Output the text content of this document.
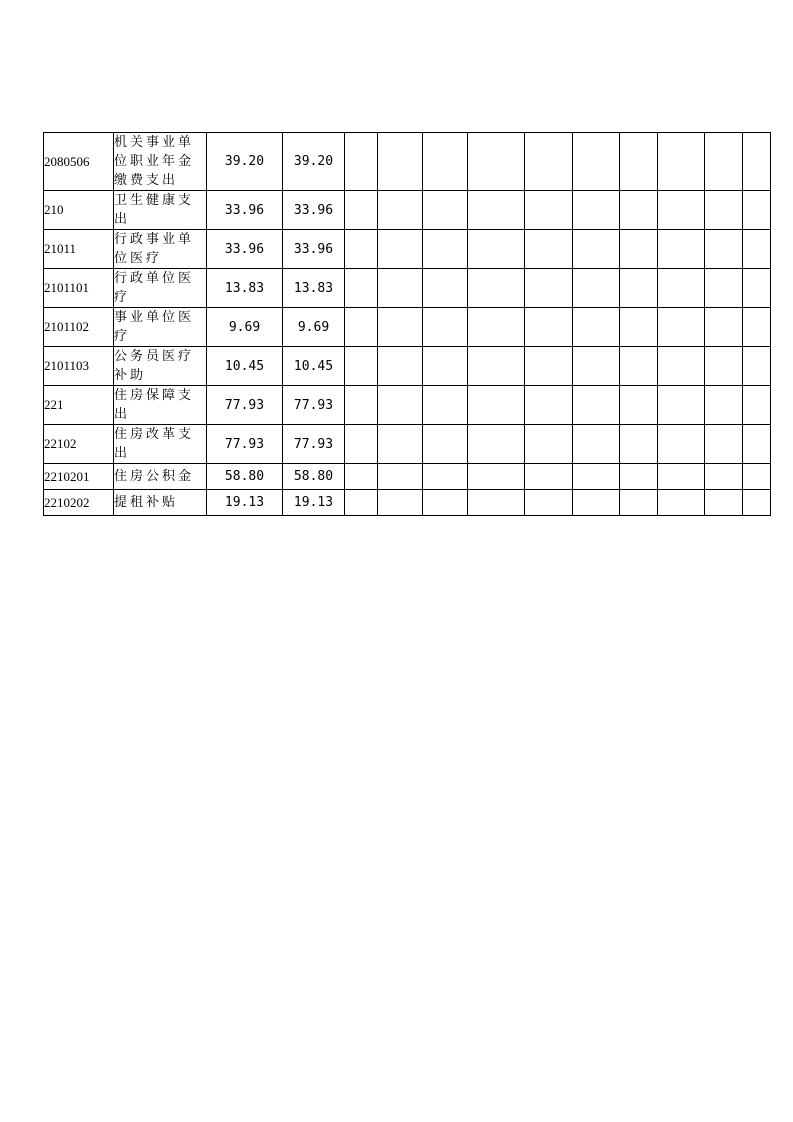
2080506	机关事业单位职业年金缴费支出	39.20	39.20										
210	卫生健康支出	33.96	33.96										
21011	行政事业单位医疗	33.96	33.96										
2101101	行政单位医疗	13.83	13.83										
2101102	事业单位医疗	9.69	9.69										
2101103	公务员医疗补助	10.45	10.45										
221	住房保障支出	77.93	77.93										
22102	住房改革支出	77.93	77.93										
2210201	住房公积金	58.80	58.80										
2210202	提租补贴	19.13	19.13										
